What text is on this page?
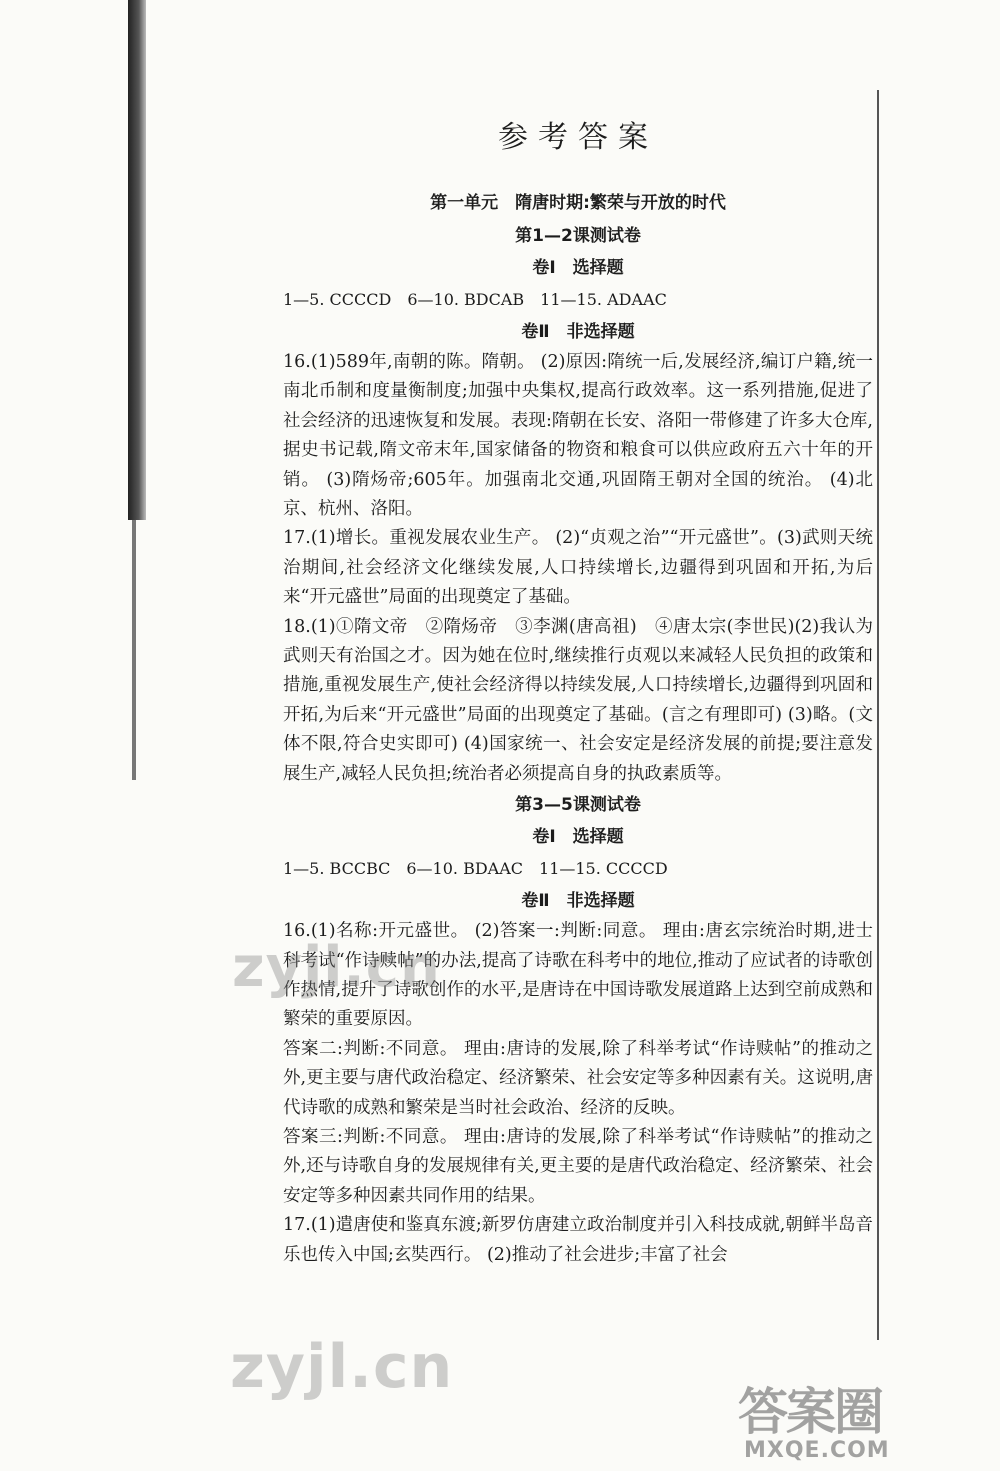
参考答案
第一单元　隋唐时期:繁荣与开放的时代
第1—2课测试卷
卷Ⅰ　选择题
1—5. CCCCD　6—10. BDCAB　11—15. ADAAC
卷Ⅱ　非选择题
16.(1)589年,南朝的陈。隋朝。 (2)原因:隋统一后,发展经济,编订户籍,统一南北币制和度量衡制度;加强中央集权,提高行政效率。这一系列措施,促进了社会经济的迅速恢复和发展。表现:隋朝在长安、洛阳一带修建了许多大仓库,据史书记载,隋文帝末年,国家储备的物资和粮食可以供应政府五六十年的开销。 (3)隋炀帝;605年。加强南北交通,巩固隋王朝对全国的统治。 (4)北京、杭州、洛阳。
17.(1)增长。重视发展农业生产。 (2)“贞观之治”“开元盛世”。(3)武则天统治期间,社会经济文化继续发展,人口持续增长,边疆得到巩固和开拓,为后来“开元盛世”局面的出现奠定了基础。
18.(1)①隋文帝　②隋炀帝　③李渊(唐高祖)　④唐太宗(李世民)(2)我认为武则天有治国之才。因为她在位时,继续推行贞观以来减轻人民负担的政策和措施,重视发展生产,使社会经济得以持续发展,人口持续增长,边疆得到巩固和开拓,为后来“开元盛世”局面的出现奠定了基础。(言之有理即可) (3)略。(文体不限,符合史实即可) (4)国家统一、社会安定是经济发展的前提;要注意发展生产,减轻人民负担;统治者必须提高自身的执政素质等。
第3—5课测试卷
卷Ⅰ　选择题
1—5. BCCBC　6—10. BDAAC　11—15. CCCCD
卷Ⅱ　非选择题
16.(1)名称:开元盛世。 (2)答案一:判断:同意。 理由:唐玄宗统治时期,进士科考试“作诗赎帖”的办法,提高了诗歌在科考中的地位,推动了应试者的诗歌创作热情,提升了诗歌创作的水平,是唐诗在中国诗歌发展道路上达到空前成熟和繁荣的重要原因。
答案二:判断:不同意。 理由:唐诗的发展,除了科举考试“作诗赎帖”的推动之外,更主要与唐代政治稳定、经济繁荣、社会安定等多种因素有关。这说明,唐代诗歌的成熟和繁荣是当时社会政治、经济的反映。
答案三:判断:不同意。 理由:唐诗的发展,除了科举考试“作诗赎帖”的推动之外,还与诗歌自身的发展规律有关,更主要的是唐代政治稳定、经济繁荣、社会安定等多种因素共同作用的结果。
17.(1)遣唐使和鉴真东渡;新罗仿唐建立政治制度并引入科技成就,朝鲜半岛音乐也传入中国;玄奘西行。 (2)推动了社会进步;丰富了社会
zyjl.cn
zyjl.cn
答案圈
MXQE.COM
